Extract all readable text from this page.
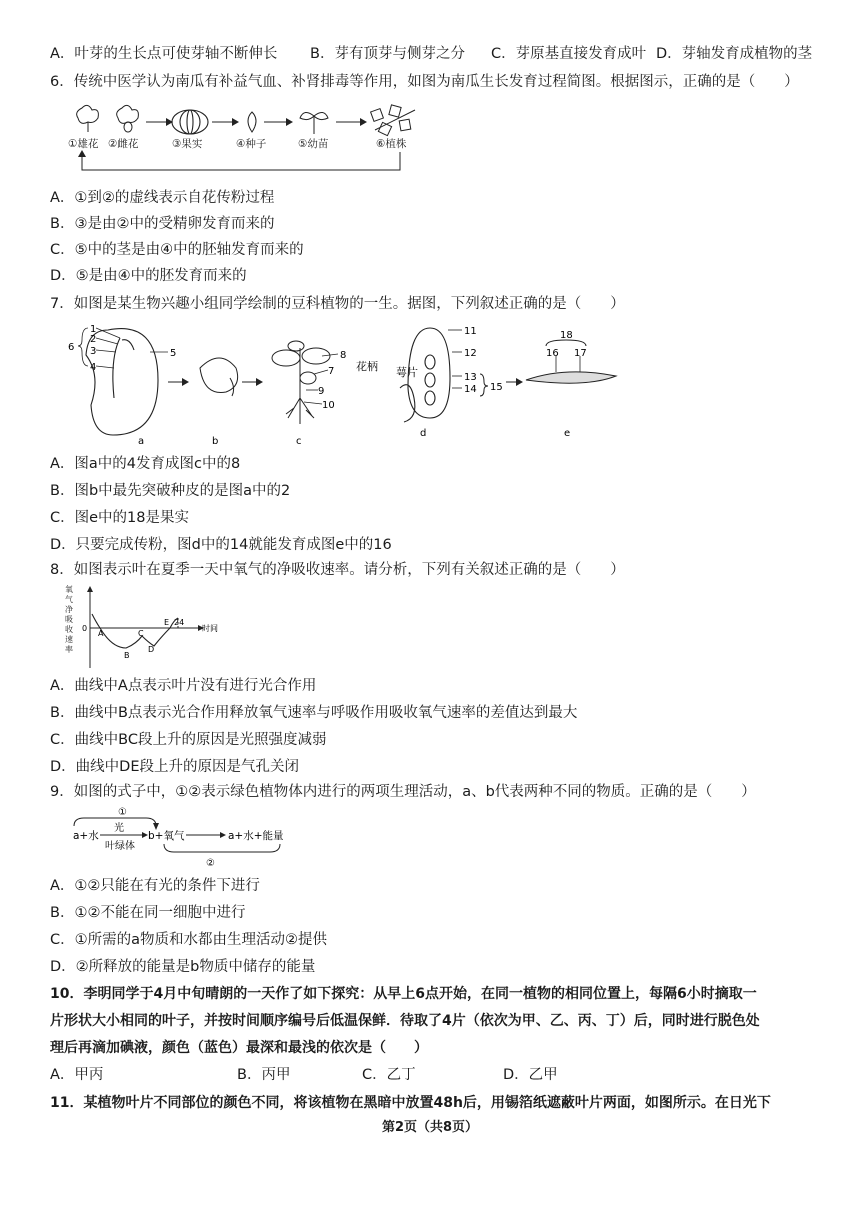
A．叶芽的生长点可使芽轴不断伸长 B．芽有顶芽与侧芽之分 C．芽原基直接发育成叶 D．芽轴发育成植物的茎
6．传统中医学认为南瓜有补益气血、补肾排毒等作用，如图为南瓜生长发育过程简图。根据图示，正确的是（　　）
①雄花 ②雌花	③果实	④种子	⑤幼苗	⑥植株
A．①到②的虚线表示自花传粉过程
B．③是由②中的受精卵发育而来的
C．⑤中的茎是由④中的胚轴发育而来的
D．⑤是由④中的胚发育而来的
7．如图是某生物兴趣小组同学绘制的豆科植物的一生。据图，下列叙述正确的是（　　）
1
2
3
4
5
6
a	b
8
7
9
10
c
11
12
13
14 15
花柄 萼片
d
18
16 17
e
A．图a中的4发育成图c中的8
B．图b中最先突破种皮的是图a中的2
C．图e中的18是果实
D．只要完成传粉，图d中的14就能发育成图e中的16
8．如图表示叶在夏季一天中氧气的净吸收速率。请分析，下列有关叙述正确的是（　　）
氧
气
净
吸
收
速
率
0
24
时间
A
B
C
D
E
A．曲线中A点表示叶片没有进行光合作用
B．曲线中B点表示光合作用释放氧气速率与呼吸作用吸收氧气速率的差值达到最大
C．曲线中BC段上升的原因是光照强度减弱
D．曲线中DE段上升的原因是气孔关闭
9．如图的式子中，①②表示绿色植物体内进行的两项生理活动，a、b代表两种不同的物质。正确的是（　　）
①
a+水
光
叶绿体
b+氧气	a+水+能量
②
A．①②只能在有光的条件下进行
B．①②不能在同一细胞中进行
C．①所需的a物质和水都由生理活动②提供
D．②所释放的能量是b物质中储存的能量
10．李明同学于4月中旬晴朗的一天作了如下探究：从早上6点开始，在同一植物的相同位置上，每隔6小时摘取一
片形状大小相同的叶子，并按时间顺序编号后低温保鲜．待取了4片（依次为甲、乙、丙、丁）后，同时进行脱色处
理后再滴加碘液，颜色（蓝色）最深和最浅的依次是（　　）
A．甲丙	B．丙甲	C．乙丁	D．乙甲
11．某植物叶片不同部位的颜色不同，将该植物在黑暗中放置48h后，用锡箔纸遮蔽叶片两面，如图所示。在日光下
第2页（共8页）
